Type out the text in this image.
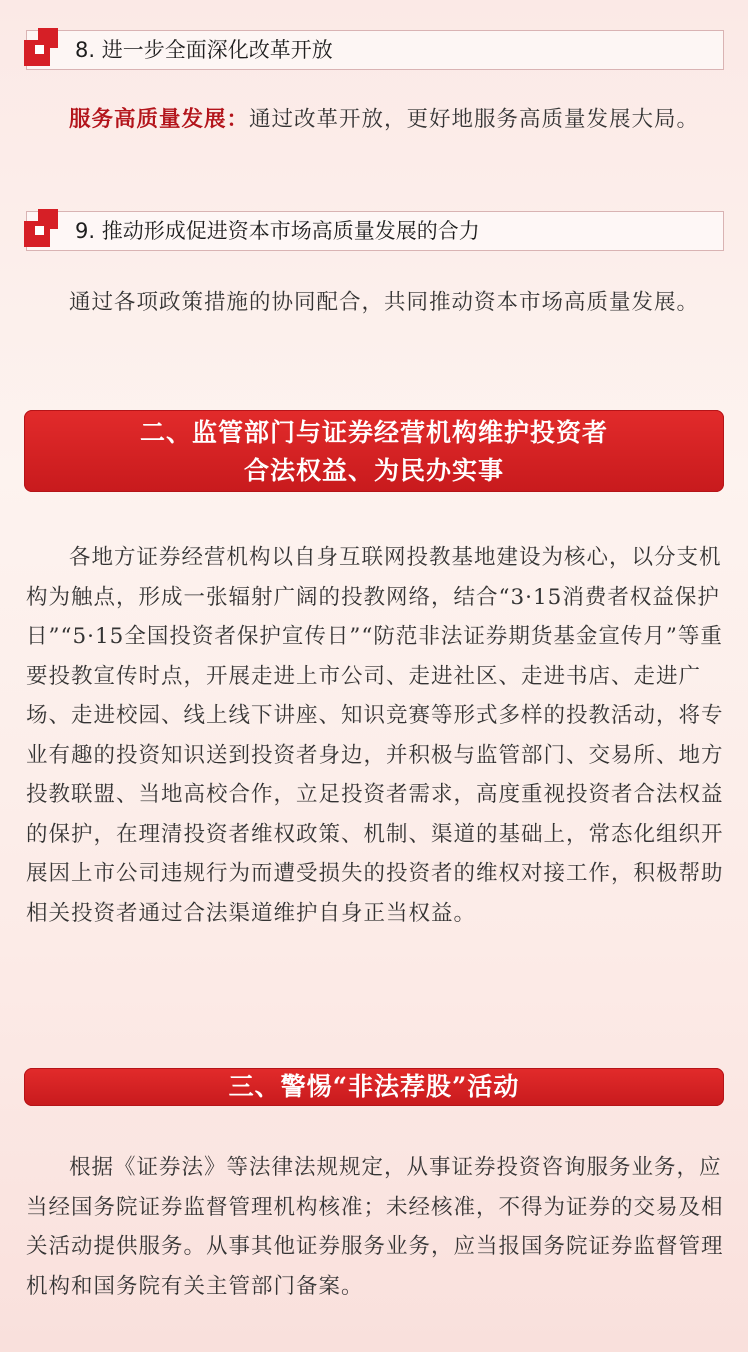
8. 进一步全面深化改革开放

服务高质量发展：通过改革开放，更好地服务高质量发展大局。

9. 推动形成促进资本市场高质量发展的合力

通过各项政策措施的协同配合，共同推动资本市场高质量发展。

二、监管部门与证券经营机构维护投资者
合法权益、为民办实事

各地方证券经营机构以自身互联网投教基地建设为核心，以分支机构为触点，形成一张辐射广阔的投教网络，结合“3·15消费者权益保护日”“5·15全国投资者保护宣传日”“防范非法证券期货基金宣传月”等重要投教宣传时点，开展走进上市公司、走进社区、走进书店、走进广场、走进校园、线上线下讲座、知识竞赛等形式多样的投教活动，将专业有趣的投资知识送到投资者身边，并积极与监管部门、交易所、地方投教联盟、当地高校合作，立足投资者需求，高度重视投资者合法权益的保护，在理清投资者维权政策、机制、渠道的基础上，常态化组织开展因上市公司违规行为而遭受损失的投资者的维权对接工作，积极帮助相关投资者通过合法渠道维护自身正当权益。

三、警惕“非法荐股”活动

根据《证券法》等法律法规规定，从事证券投资咨询服务业务，应当经国务院证券监督管理机构核准；未经核准，不得为证券的交易及相关活动提供服务。从事其他证券服务业务，应当报国务院证券监督管理机构和国务院有关主管部门备案。
